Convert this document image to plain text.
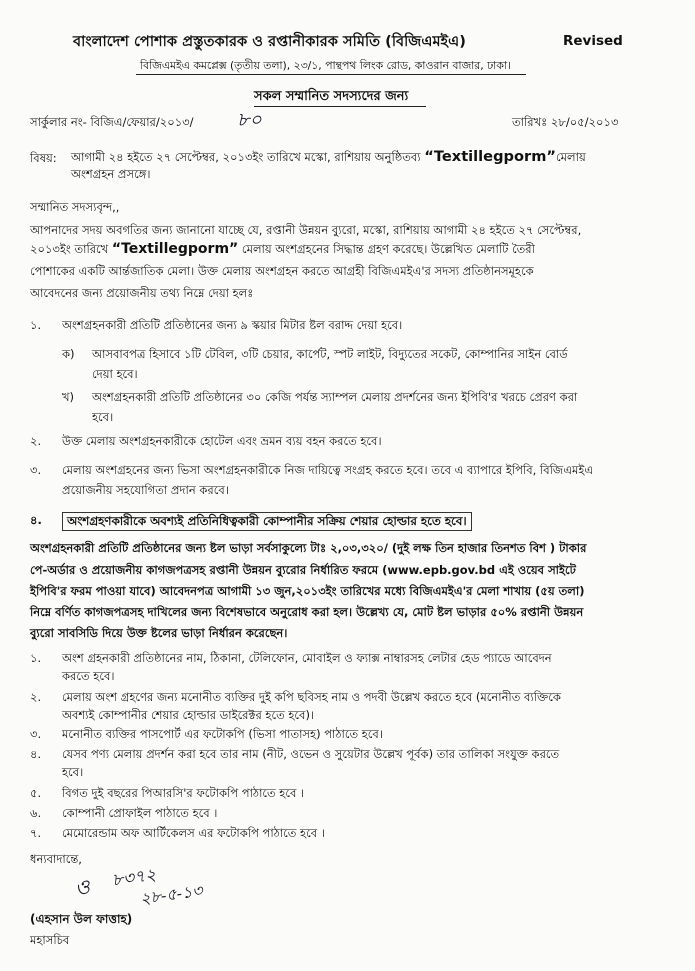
বাংলাদেশ পোশাক প্রস্তুতকারক ও রপ্তানীকারক সমিতি (বিজিএমইএ)	Revised
বিজিএমইএ কমপ্লেক্স (তৃতীয় তলা), ২৩/১, পান্থপথ লিংক রোড, কাওরান বাজার, ঢাকা।
সকল সম্মানিত সদস্যদের জন্য
সার্কুলার নং- বিজিএ/ফেয়ার/২০১৩/ ৮০	তারিখঃ ২৮/০৫/২০১৩
বিষয়: আগামী ২৪ হইতে ২৭ সেপ্টেম্বর, ২০১৩ইং তারিখে মস্কো, রাশিয়ায় অনুষ্ঠিতব্য “Textillegporm”মেলায়
অংশগ্রহন প্রসঙ্গে।
সম্মানিত সদস্যবৃন্দ,,
আপনাদের সদয় অবগতির জন্য জানানো যাচ্ছে যে, রপ্তানী উন্নয়ন ব্যুরো, মস্কো, রাশিয়ায় আগামী ২৪ হইতে ২৭ সেপ্টেম্বর,
২০১৩ইং তারিখে “Textillegporm” মেলায় অংশগ্রহনের সিদ্ধান্ত গ্রহণ করেছে। উল্লেখিত মেলাটি তৈরী
পোশাকের একটি আর্ন্তজাতিক মেলা। উক্ত মেলায় অংশগ্রহন করতে আগ্রহী বিজিএমইএ'র সদস্য প্রতিষ্ঠানসমূহকে
আবেদনের জন্য প্রয়োজনীয় তথ্য নিম্নে দেয়া হলঃ
১. অংশগ্রহনকারী প্রতিটি প্রতিষ্ঠানের জন্য ৯ স্কয়ার মিটার ষ্টল বরাদ্দ দেয়া হবে।
ক) আসবাবপত্র হিসাবে ১টি টেবিল, ৩টি চেয়ার, কার্পেট, স্পট লাইট, বিদ্যুতের সকেট, কোম্পানির সাইন বোর্ড
দেয়া হবে।
খ) অংশগ্রহনকারী প্রতিটি প্রতিষ্ঠানের ৩০ কেজি পর্যন্ত স্যাম্পল মেলায় প্রদর্শনের জন্য ইপিবি'র খরচে প্রেরণ করা
হবে।
২. উক্ত মেলায় অংশগ্রহনকারীকে হোটেল এবং ভ্রমন ব্যয় বহন করতে হবে।
৩. মেলায় অংশগ্রহনের জন্য ভিসা অংশগ্রহনকারীকে নিজ দায়িত্বে সংগ্রহ করতে হবে। তবে এ ব্যাপারে ইপিবি, বিজিএমইএ
প্রয়োজনীয় সহযোগিতা প্রদান করবে।
৪.	অংশগ্রহণকারীকে অবশ্যই প্রতিনিধিত্বকারী কোম্পানীর সক্রিয় শেয়ার হোল্ডার হতে হবে।
অংশগ্রহনকারী প্রতিটি প্রতিষ্ঠানের জন্য ষ্টল ভাড়া সর্বসাকুল্যে টাঃ ২,০৩,৩২০/ (দুই লক্ষ তিন হাজার তিনশত বিশ ) টাকার
পে-অর্ডার ও প্রয়োজনীয় কাগজপত্রসহ রপ্তানী উন্নয়ন ব্যুরোর নির্ধারিত ফরমে (www.epb.gov.bd এই ওয়েব সাইটে
ইপিবি'র ফরম পাওয়া যাবে) আবেদনপত্র আগামী ১৩ জুন,২০১৩ইং তারিখের মধ্যে বিজিএমইএ'র মেলা শাখায় (৫য় তলা)
নিম্নে বর্ণিত কাগজপত্রসহ দাখিলের জন্য বিশেষভাবে অনুরোধ করা হল। উল্লেখ্য যে, মোট ষ্টল ভাড়ার ৫০% রপ্তানী উন্নয়ন
ব্যুরো সাবসিডি দিয়ে উক্ত ষ্টলের ভাড়া নির্ধারন করেছেন।
১. অংশ গ্রহনকারী প্রতিষ্ঠানের নাম, ঠিকানা, টেলিফোন, মোবাইল ও ফ্যাক্স নাম্বারসহ লেটার হেড প্যাডে আবেদন
করতে হবে।
২. মেলায় অংশ গ্রহণের জন্য মনোনীত ব্যক্তির দুই কপি ছবিসহ নাম ও পদবী উল্লেখ করতে হবে (মনোনীত ব্যক্তিকে
অবশ্যই কোম্পানীর শেয়ার হোল্ডার ডাইরেক্টর হতে হবে)।
৩. মনোনীত ব্যক্তির পাসপোর্ট এর ফটোকপি (ভিসা পাতাসহ) পাঠাতে হবে।
৪. যেসব পণ্য মেলায় প্রদর্শন করা হবে তার নাম (নীট, ওভেন ও সুয়েটার উল্লেখ পূর্বক) তার তালিকা সংযুক্ত করতে
হবে।
৫. বিগত দুই বছরের পিআরসি'র ফটোকপি পাঠাতে হবে ।
৬. কোম্পানী প্রোফাইল পাঠাতে হবে ।
৭. মেমোরেন্ডাম অফ আর্টিকেলস এর ফটোকপি পাঠাতে হবে ।
ধন্যবাদান্তে,
ও ৮৩৭২
২৮-৫-১৩
(এহসান উল ফাত্তাহ)
মহাসচিব
